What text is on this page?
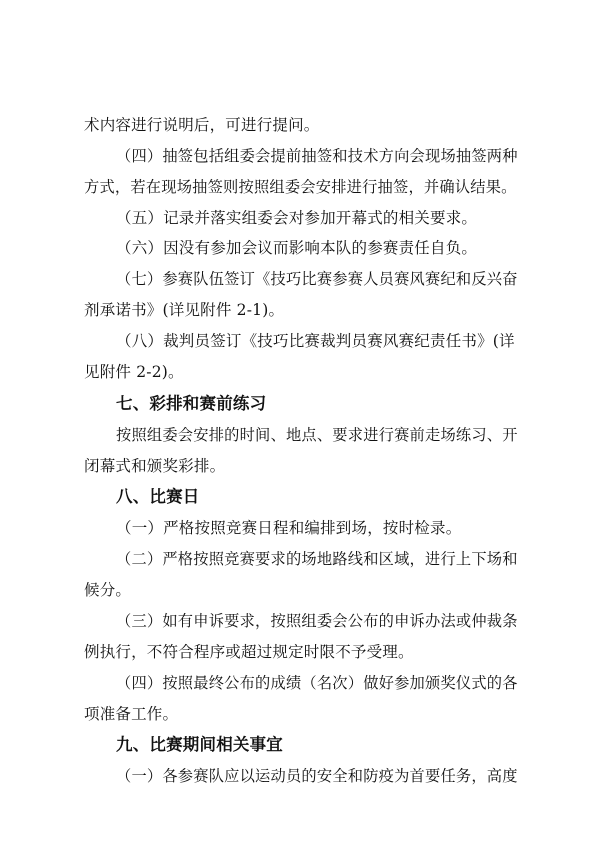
术内容进行说明后，可进行提问。
（四）抽签包括组委会提前抽签和技术方向会现场抽签两种
方式，若在现场抽签则按照组委会安排进行抽签，并确认结果。
（五）记录并落实组委会对参加开幕式的相关要求。
（六）因没有参加会议而影响本队的参赛责任自负。
（七）参赛队伍签订《技巧比赛参赛人员赛风赛纪和反兴奋
剂承诺书》(详见附件 2-1)。
（八）裁判员签订《技巧比赛裁判员赛风赛纪责任书》(详
见附件 2-2)。
七、彩排和赛前练习
按照组委会安排的时间、地点、要求进行赛前走场练习、开
闭幕式和颁奖彩排。
八、比赛日
（一）严格按照竞赛日程和编排到场，按时检录。
（二）严格按照竞赛要求的场地路线和区域，进行上下场和
候分。
（三）如有申诉要求，按照组委会公布的申诉办法或仲裁条
例执行，不符合程序或超过规定时限不予受理。
（四）按照最终公布的成绩（名次）做好参加颁奖仪式的各
项准备工作。
九、比赛期间相关事宜
（一）各参赛队应以运动员的安全和防疫为首要任务，高度
